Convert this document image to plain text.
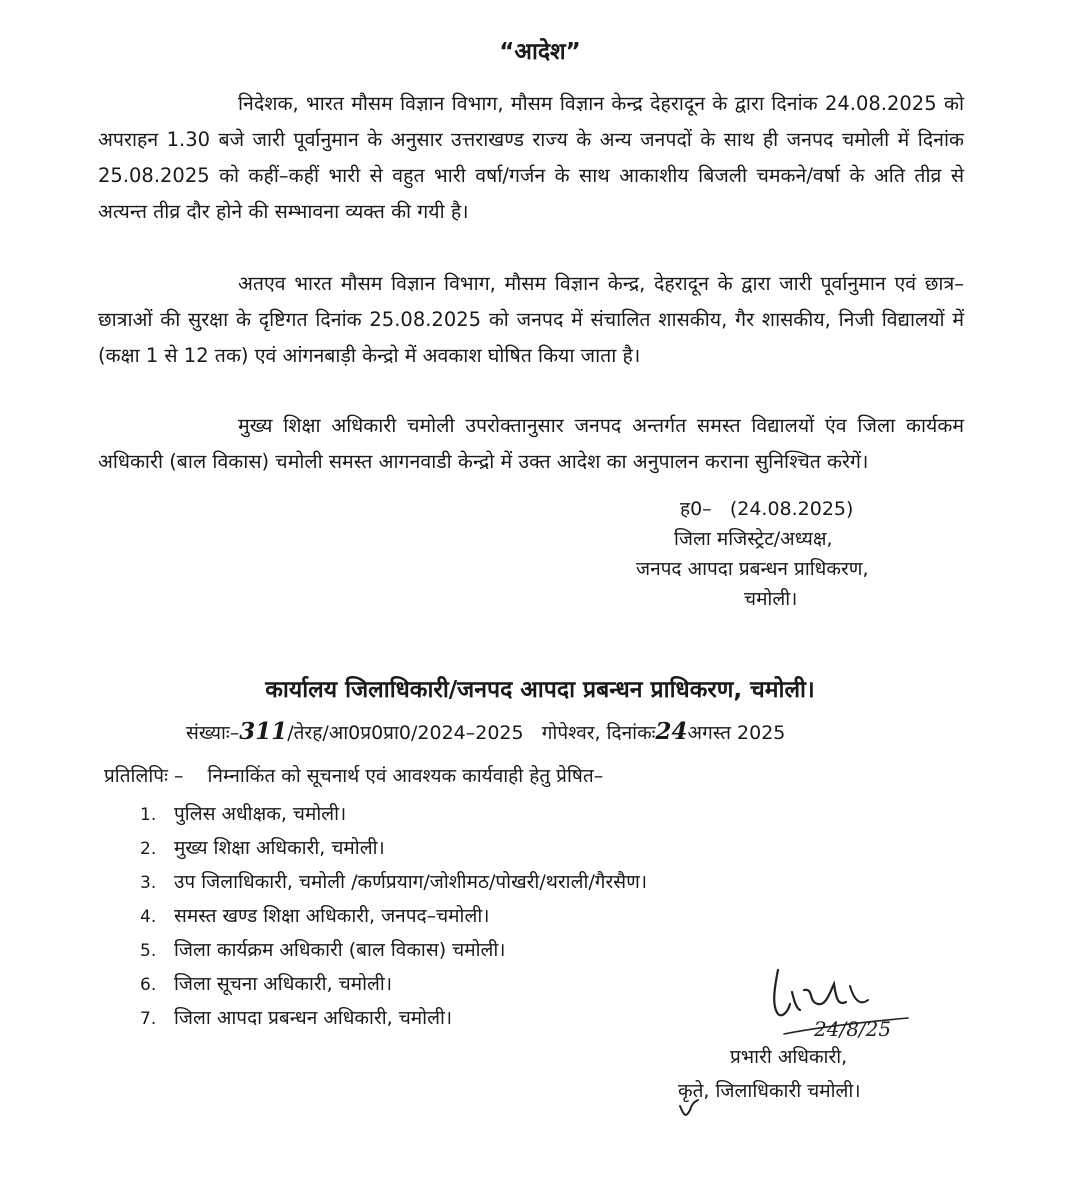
“आदेश”

निदेशक, भारत मौसम विज्ञान विभाग, मौसम विज्ञान केन्द्र देहरादून के द्वारा दिनांक 24.08.2025 को अपराहन 1.30 बजे जारी पूर्वानुमान के अनुसार उत्तराखण्ड राज्य के अन्य जनपदों के साथ ही जनपद चमोली में दिनांक 25.08.2025 को कहीं–कहीं भारी से वहुत भारी वर्षा/गर्जन के साथ आकाशीय बिजली चमकने/वर्षा के अति तीव्र से अत्यन्त तीव्र दौर होने की सम्भावना व्यक्त की गयी है।

अतएव भारत मौसम विज्ञान विभाग, मौसम विज्ञान केन्द्र, देहरादून के द्वारा जारी पूर्वानुमान एवं छात्र–छात्राओं की सुरक्षा के दृष्टिगत दिनांक 25.08.2025 को जनपद में संचालित शासकीय, गैर शासकीय, निजी विद्यालयों में (कक्षा 1 से 12 तक) एवं आंगनबाड़ी केन्द्रो में अवकाश घोषित किया जाता है।

मुख्य शिक्षा अधिकारी चमोली उपरोक्तानुसार जनपद अन्तर्गत समस्त विद्यालयों एंव जिला कार्यकम अधिकारी (बाल विकास) चमोली समस्त आगनवाडी केन्द्रो में उक्त आदेश का अनुपालन कराना सुनिश्चित करेगें।

ह0– (24.08.2025)
जिला मजिस्ट्रेट/अध्यक्ष,
जनपद आपदा प्रबन्धन प्राधिकरण,
चमोली।
कार्यालय जिलाधिकारी/जनपद आपदा प्रबन्धन प्राधिकरण, चमोली।
संख्याः–311/तेरह/आ0प्र0प्रा0/2024–2025 गोपेश्वर, दिनांकः24अगस्त 2025
प्रतिलिपिः – निम्नाकिंत को सूचनार्थ एवं आवश्यक कार्यवाही हेतु प्रेषित–
1. पुलिस अधीक्षक, चमोली।
2. मुख्य शिक्षा अधिकारी, चमोली।
3. उप जिलाधिकारी, चमोली /कर्णप्रयाग/जोशीमठ/पोखरी/थराली/गैरसैण।
4. समस्त खण्ड शिक्षा अधिकारी, जनपद–चमोली।
5. जिला कार्यक्रम अधिकारी (बाल विकास) चमोली।
6. जिला सूचना अधिकारी, चमोली।
7. जिला आपदा प्रबन्धन अधिकारी, चमोली।	24/8/25
प्रभारी अधिकारी,
कृते, जिलाधिकारी चमोली।
